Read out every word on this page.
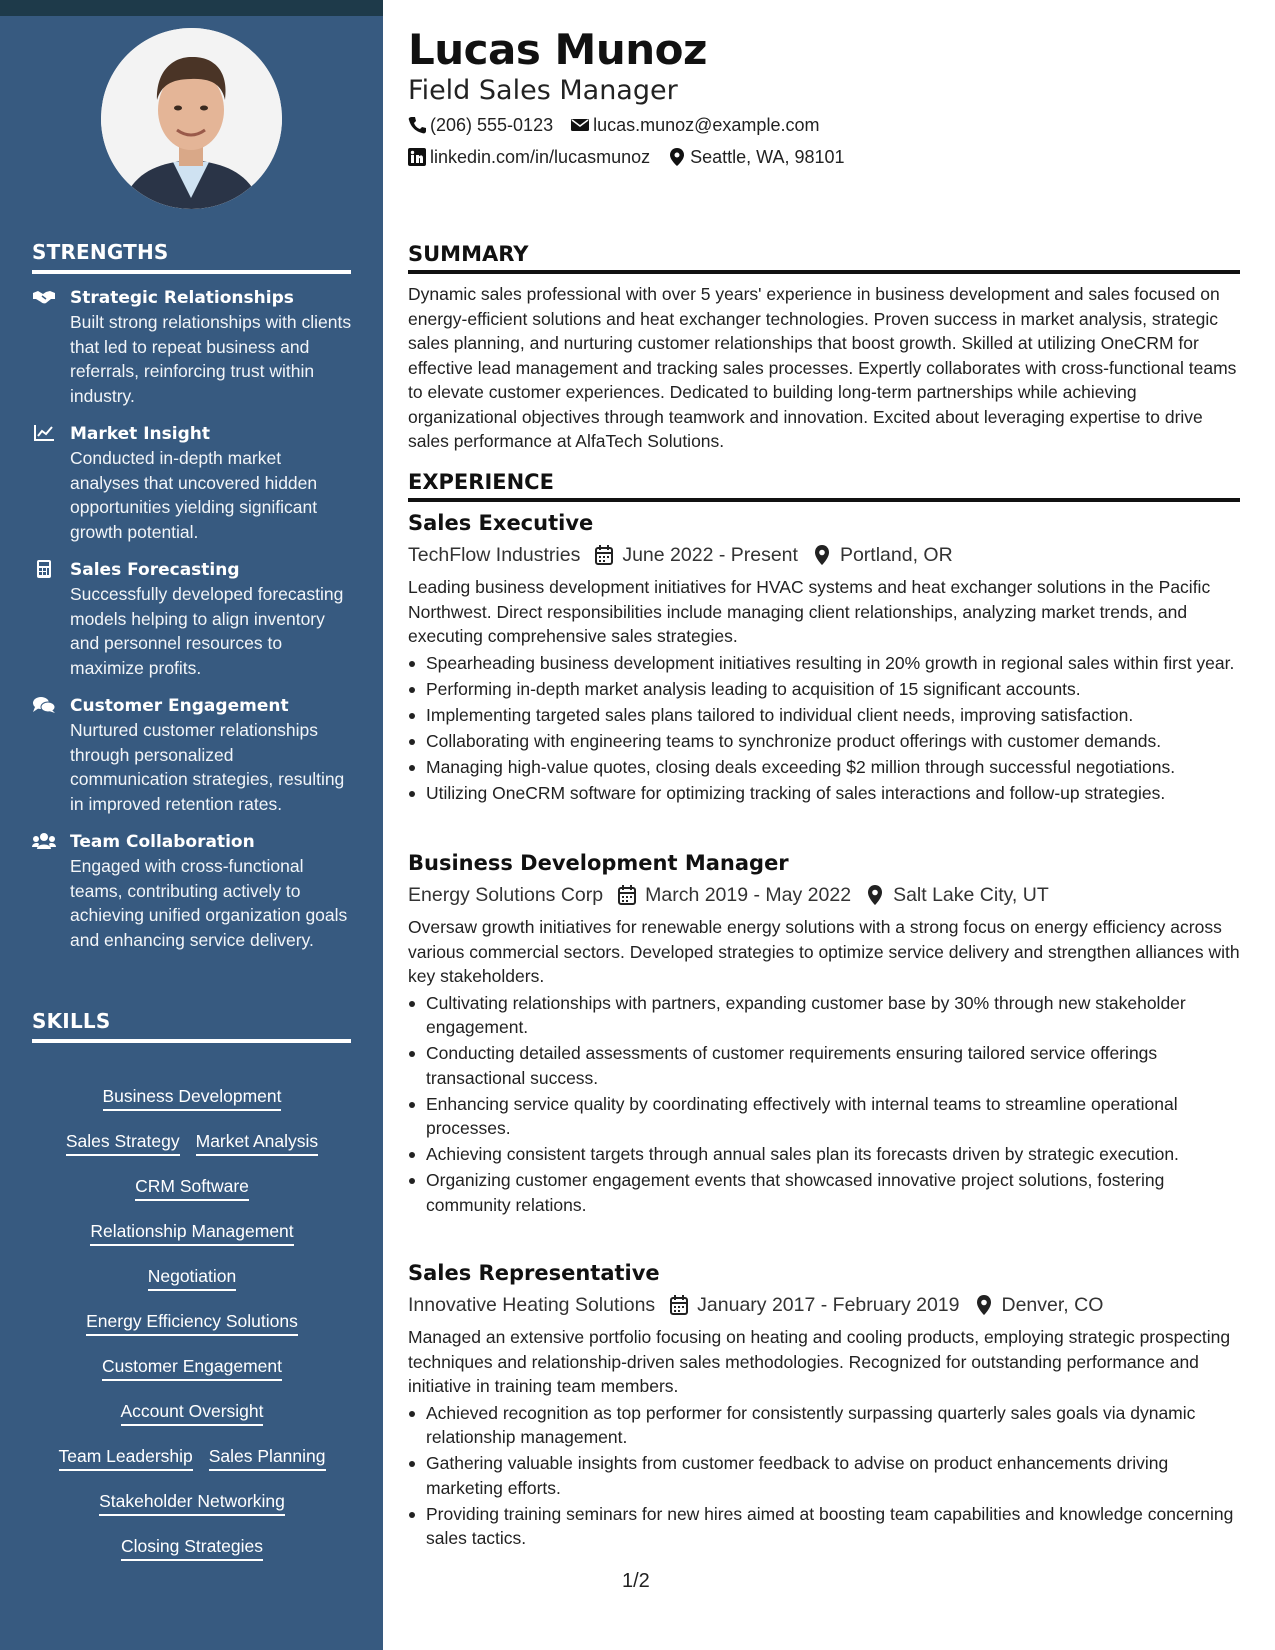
STRENGTHS
Strategic Relationships
Built strong relationships with clients that led to repeat business and referrals, reinforcing trust within industry.
Market Insight
Conducted in-depth market analyses that uncovered hidden opportunities yielding significant growth potential.
Sales Forecasting
Successfully developed forecasting models helping to align inventory and personnel resources to maximize profits.
Customer Engagement
Nurtured customer relationships through personalized communication strategies, resulting in improved retention rates.
Team Collaboration
Engaged with cross-functional teams, contributing actively to achieving unified organization goals and enhancing service delivery.
SKILLS
Business Development
Sales Strategy Market Analysis
CRM Software
Relationship Management
Negotiation
Energy Efficiency Solutions
Customer Engagement
Account Oversight
Team Leadership Sales Planning
Stakeholder Networking
Closing Strategies
Lucas Munoz
Field Sales Manager
(206) 555-0123 lucas.munoz@example.com
linkedin.com/in/lucasmunoz Seattle, WA, 98101
SUMMARY
Dynamic sales professional with over 5 years' experience in business development and sales focused on energy-efficient solutions and heat exchanger technologies. Proven success in market analysis, strategic sales planning, and nurturing customer relationships that boost growth. Skilled at utilizing OneCRM for effective lead management and tracking sales processes. Expertly collaborates with cross-functional teams to elevate customer experiences. Dedicated to building long-term partnerships while achieving organizational objectives through teamwork and innovation. Excited about leveraging expertise to drive sales performance at AlfaTech Solutions.
EXPERIENCE
Sales Executive
TechFlow Industries June 2022 - Present Portland, OR
Leading business development initiatives for HVAC systems and heat exchanger solutions in the Pacific Northwest. Direct responsibilities include managing client relationships, analyzing market trends, and executing comprehensive sales strategies.
Spearheading business development initiatives resulting in 20% growth in regional sales within first year.
Performing in-depth market analysis leading to acquisition of 15 significant accounts.
Implementing targeted sales plans tailored to individual client needs, improving satisfaction.
Collaborating with engineering teams to synchronize product offerings with customer demands.
Managing high-value quotes, closing deals exceeding $2 million through successful negotiations.
Utilizing OneCRM software for optimizing tracking of sales interactions and follow-up strategies.
Business Development Manager
Energy Solutions Corp March 2019 - May 2022 Salt Lake City, UT
Oversaw growth initiatives for renewable energy solutions with a strong focus on energy efficiency across various commercial sectors. Developed strategies to optimize service delivery and strengthen alliances with key stakeholders.
Cultivating relationships with partners, expanding customer base by 30% through new stakeholder engagement.
Conducting detailed assessments of customer requirements ensuring tailored service offerings transactional success.
Enhancing service quality by coordinating effectively with internal teams to streamline operational processes.
Achieving consistent targets through annual sales plan its forecasts driven by strategic execution.
Organizing customer engagement events that showcased innovative project solutions, fostering community relations.
Sales Representative
Innovative Heating Solutions January 2017 - February 2019 Denver, CO
Managed an extensive portfolio focusing on heating and cooling products, employing strategic prospecting techniques and relationship-driven sales methodologies. Recognized for outstanding performance and initiative in training team members.
Achieved recognition as top performer for consistently surpassing quarterly sales goals via dynamic relationship management.
Gathering valuable insights from customer feedback to advise on product enhancements driving marketing efforts.
Providing training seminars for new hires aimed at boosting team capabilities and knowledge concerning sales tactics.
1/2
